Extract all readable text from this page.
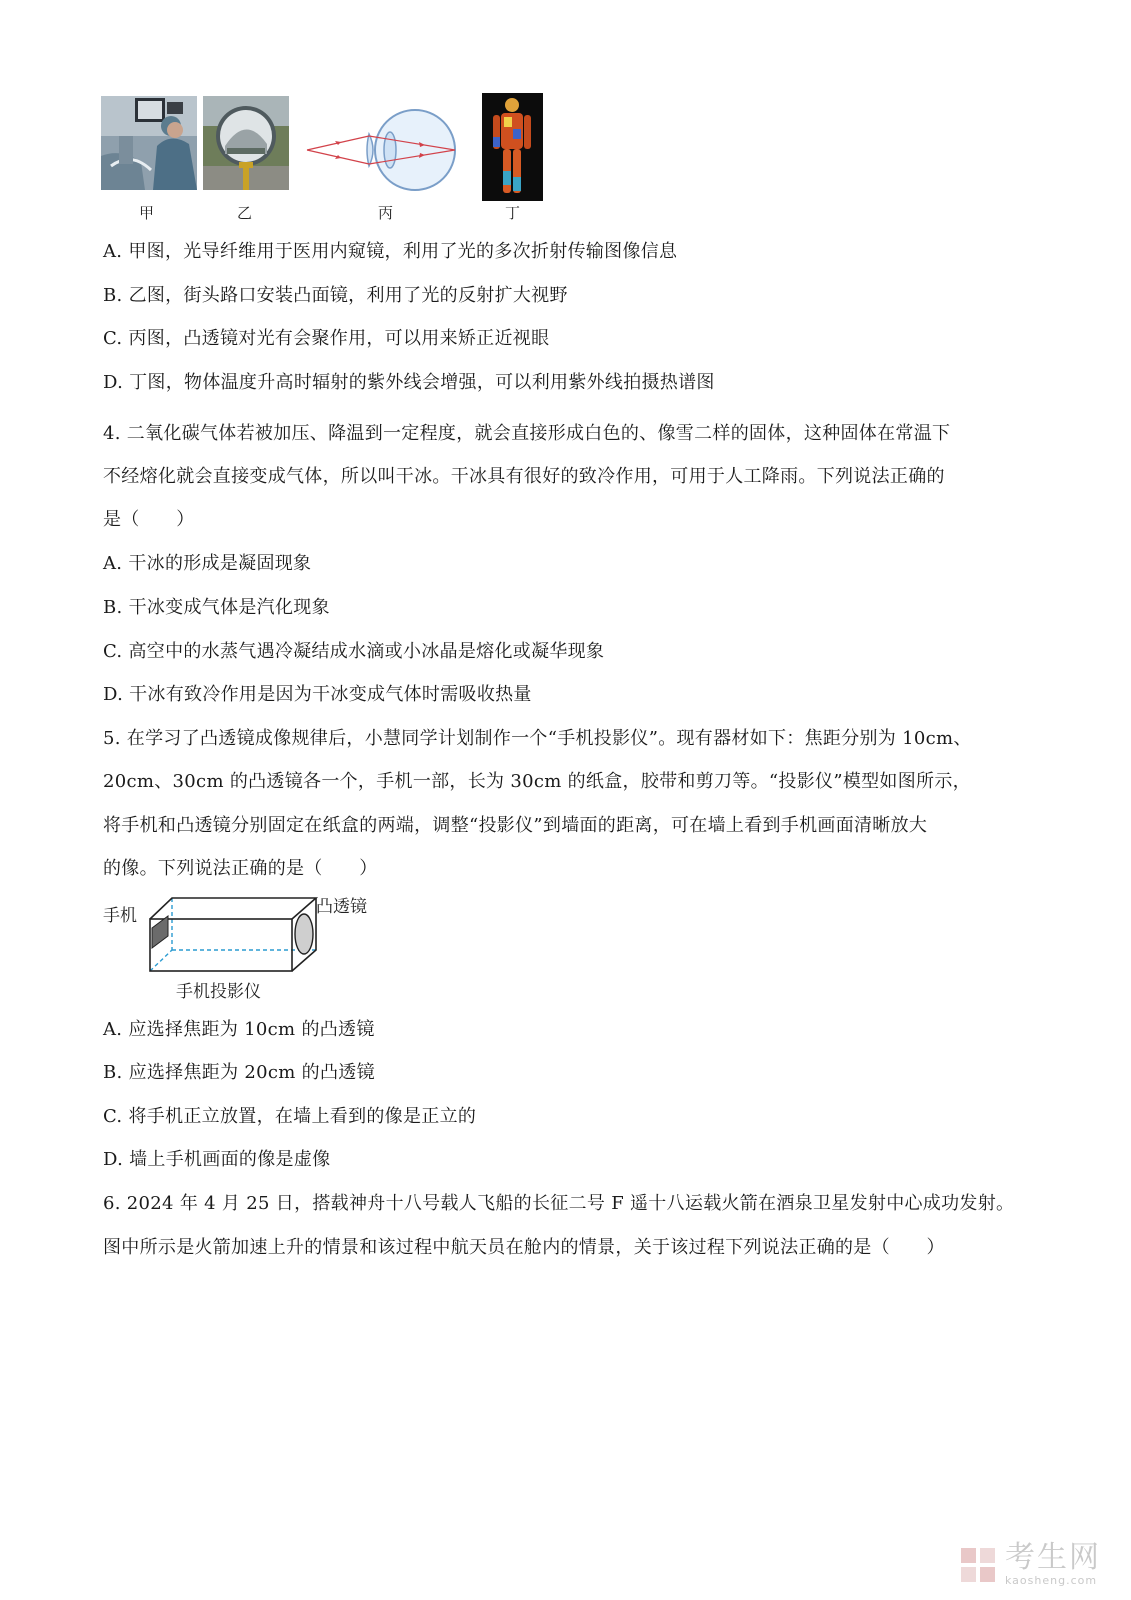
甲	乙	丙	丁
A. 甲图，光导纤维用于医用内窥镜，利用了光的多次折射传输图像信息
B. 乙图，街头路口安装凸面镜，利用了光的反射扩大视野
C. 丙图，凸透镜对光有会聚作用，可以用来矫正近视眼
D. 丁图，物体温度升高时辐射的紫外线会增强，可以利用紫外线拍摄热谱图
4. 二氧化碳气体若被加压、降温到一定程度，就会直接形成白色的、像雪二样的固体，这种固体在常温下
不经熔化就会直接变成气体，所以叫干冰。干冰具有很好的致冷作用，可用于人工降雨。下列说法正确的
是（　　）
A. 干冰的形成是凝固现象
B. 干冰变成气体是汽化现象
C. 高空中的水蒸气遇冷凝结成水滴或小冰晶是熔化或凝华现象
D. 干冰有致冷作用是因为干冰变成气体时需吸收热量
5. 在学习了凸透镜成像规律后，小慧同学计划制作一个“手机投影仪”。现有器材如下：焦距分别为 10cm、
20cm、30cm 的凸透镜各一个，手机一部，长为 30cm 的纸盒，胶带和剪刀等。“投影仪”模型如图所示，
将手机和凸透镜分别固定在纸盒的两端，调整“投影仪”到墙面的距离，可在墙上看到手机画面清晰放大
的像。下列说法正确的是（　　）
手机	凸透镜
手机投影仪
A. 应选择焦距为 10cm 的凸透镜
B. 应选择焦距为 20cm 的凸透镜
C. 将手机正立放置，在墙上看到的像是正立的
D. 墙上手机画面的像是虚像
6. 2024 年 4 月 25 日，搭载神舟十八号载人飞船的长征二号 F 遥十八运载火箭在酒泉卫星发射中心成功发射。
图中所示是火箭加速上升的情景和该过程中航天员在舱内的情景，关于该过程下列说法正确的是（　　）
考生网
kaosheng.com
